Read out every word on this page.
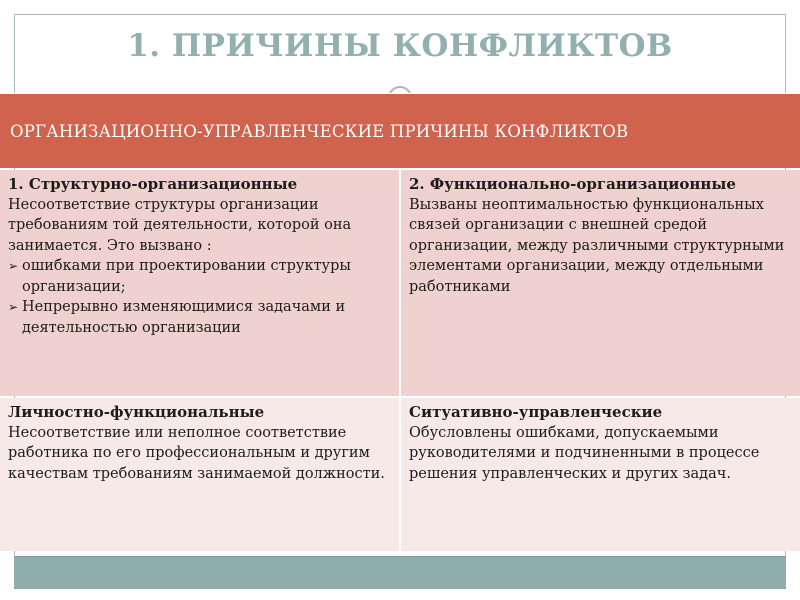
1. ПРИЧИНЫ КОНФЛИКТОВ
ОРГАНИЗАЦИОННО-УПРАВЛЕНЧЕСКИЕ ПРИЧИНЫ КОНФЛИКТОВ

1. Структурно-организационные

Несоответствие структуры организации требованиям той деятельности, которой она занимается. Это вызвано :

➢ ошибками при проектировании структуры организации;
➢ Непрерывно изменяющимися задачами и деятельностью организации

2. Функционально-организационные

Вызваны неоптимальностью функциональных связей организации с внешней средой организации, между различными структурными элементами организации, между отдельными работниками

Личностно-функциональные

Несоответствие или неполное соответствие работника по его профессиональным и другим качествам требованиям занимаемой должности.

Ситуативно-управленческие

Обусловлены ошибками, допускаемыми руководителями и подчиненными в процессе решения управленческих и других задач.
